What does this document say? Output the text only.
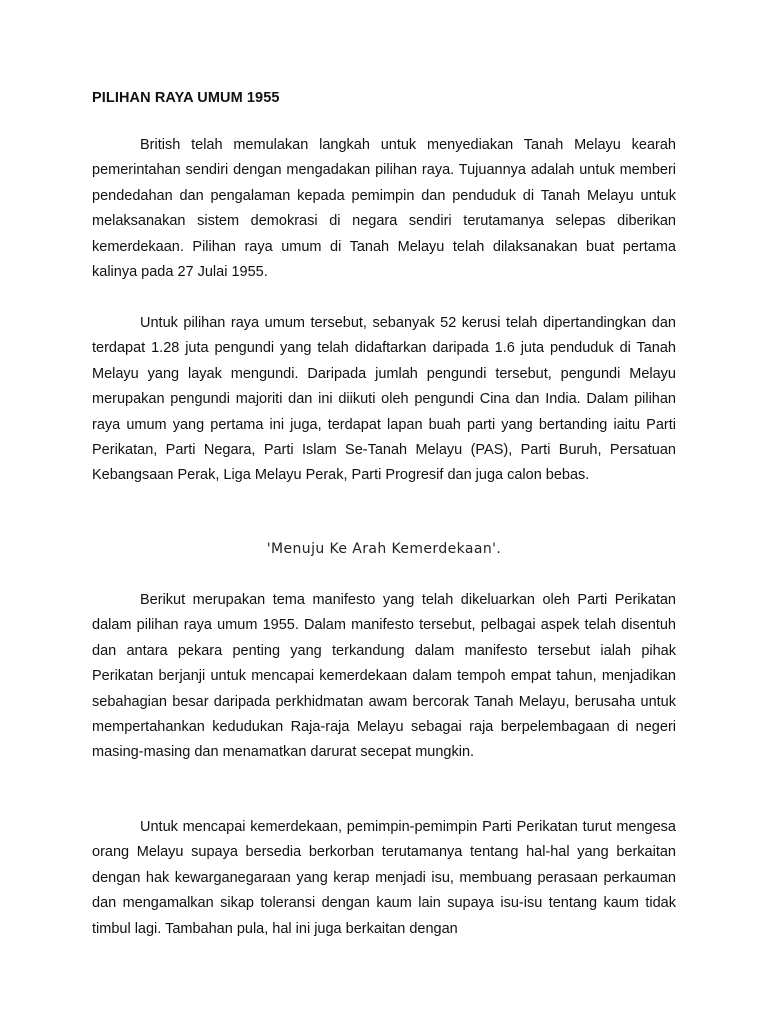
PILIHAN RAYA UMUM 1955

British telah memulakan langkah untuk menyediakan Tanah Melayu kearah pemerintahan sendiri dengan mengadakan pilihan raya. Tujuannya adalah untuk memberi pendedahan dan pengalaman kepada pemimpin dan penduduk di Tanah Melayu untuk melaksanakan sistem demokrasi di negara sendiri terutamanya selepas diberikan kemerdekaan. Pilihan raya umum di Tanah Melayu telah dilaksanakan buat pertama kalinya pada 27 Julai 1955.

Untuk pilihan raya umum tersebut, sebanyak 52 kerusi telah dipertandingkan dan terdapat 1.28 juta pengundi yang telah didaftarkan daripada 1.6 juta penduduk di Tanah Melayu yang layak mengundi. Daripada jumlah pengundi tersebut, pengundi Melayu merupakan pengundi majoriti dan ini diikuti oleh pengundi Cina dan India. Dalam pilihan raya umum yang pertama ini juga, terdapat lapan buah parti yang bertanding iaitu Parti Perikatan, Parti Negara, Parti Islam Se-Tanah Melayu (PAS), Parti Buruh, Persatuan Kebangsaan Perak, Liga Melayu Perak, Parti Progresif dan juga calon bebas.

'Menuju Ke Arah Kemerdekaan'.

Berikut merupakan tema manifesto yang telah dikeluarkan oleh Parti Perikatan dalam pilihan raya umum 1955. Dalam manifesto tersebut, pelbagai aspek telah disentuh dan antara pekara penting yang terkandung dalam manifesto tersebut ialah pihak Perikatan berjanji untuk mencapai kemerdekaan dalam tempoh empat tahun, menjadikan sebahagian besar daripada perkhidmatan awam bercorak Tanah Melayu, berusaha untuk mempertahankan kedudukan Raja-raja Melayu sebagai raja berpelembagaan di negeri masing-masing dan menamatkan darurat secepat mungkin.

Untuk mencapai kemerdekaan, pemimpin-pemimpin Parti Perikatan turut mengesa orang Melayu supaya bersedia berkorban terutamanya tentang hal-hal yang berkaitan dengan hak kewarganegaraan yang kerap menjadi isu, membuang perasaan perkauman dan mengamalkan sikap toleransi dengan kaum lain supaya isu-isu tentang kaum tidak timbul lagi. Tambahan pula, hal ini juga berkaitan dengan
